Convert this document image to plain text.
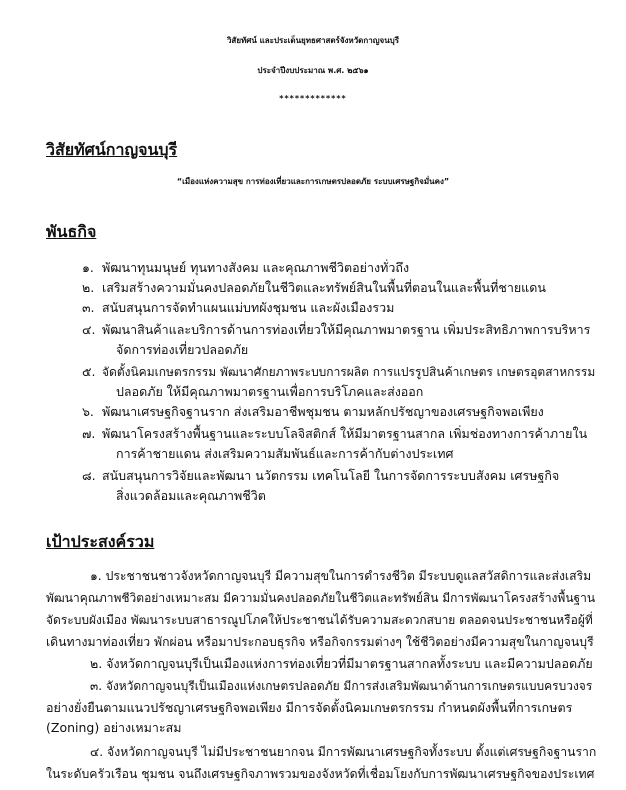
วิสัยทัศน์ และประเด็นยุทธศาสตร์จังหวัดกาญจนบุรี
ประจำปีงบประมาณ พ.ศ. ๒๕๖๑
*************
วิสัยทัศน์กาญจนบุรี
“เมืองแห่งความสุข การท่องเที่ยวและการเกษตรปลอดภัย ระบบเศรษฐกิจมั่นคง”
พันธกิจ
๑. พัฒนาทุนมนุษย์ ทุนทางสังคม และคุณภาพชีวิตอย่างทั่วถึง
๒. เสริมสร้างความมั่นคงปลอดภัยในชีวิตและทรัพย์สินในพื้นที่ตอนในและพื้นที่ชายแดน
๓. สนับสนุนการจัดทำแผนแม่บทผังชุมชน และผังเมืองรวม
๔. พัฒนาสินค้าและบริการด้านการท่องเที่ยวให้มีคุณภาพมาตรฐาน เพิ่มประสิทธิภาพการบริหาร
จัดการท่องเที่ยวปลอดภัย
๕. จัดตั้งนิคมเกษตรกรรม พัฒนาศักยภาพระบบการผลิต การแปรรูปสินค้าเกษตร เกษตรอุตสาหกรรม
ปลอดภัย ให้มีคุณภาพมาตรฐานเพื่อการบริโภคและส่งออก
๖. พัฒนาเศรษฐกิจฐานราก ส่งเสริมอาชีพชุมชน ตามหลักปรัชญาของเศรษฐกิจพอเพียง
๗. พัฒนาโครงสร้างพื้นฐานและระบบโลจิสติกส์ ให้มีมาตรฐานสากล เพิ่มช่องทางการค้าภายใน
การค้าชายแดน ส่งเสริมความสัมพันธ์และการค้ากับต่างประเทศ
๘. สนับสนุนการวิจัยและพัฒนา นวัตกรรม เทคโนโลยี ในการจัดการระบบสังคม เศรษฐกิจ
สิ่งแวดล้อมและคุณภาพชีวิต
เป้าประสงค์รวม
๑. ประชาชนชาวจังหวัดกาญจนบุรี มีความสุขในการดำรงชีวิต มีระบบดูแลสวัสดิการและส่งเสริม
พัฒนาคุณภาพชีวิตอย่างเหมาะสม มีความมั่นคงปลอดภัยในชีวิตและทรัพย์สิน มีการพัฒนาโครงสร้างพื้นฐาน
จัดระบบผังเมือง พัฒนาระบบสาธารณูปโภคให้ประชาชนได้รับความสะดวกสบาย ตลอดจนประชาชนหรือผู้ที่
เดินทางมาท่องเที่ยว พักผ่อน หรือมาประกอบธุรกิจ หรือกิจกรรมต่างๆ ใช้ชีวิตอย่างมีความสุขในกาญจนบุรี
๒. จังหวัดกาญจนบุรีเป็นเมืองแห่งการท่องเที่ยวที่มีมาตรฐานสากลทั้งระบบ และมีความปลอดภัย
๓. จังหวัดกาญจนบุรีเป็นเมืองแห่งเกษตรปลอดภัย มีการส่งเสริมพัฒนาด้านการเกษตรแบบครบวงจร
อย่างยั่งยืนตามแนวปรัชญาเศรษฐกิจพอเพียง มีการจัดตั้งนิคมเกษตรกรรม กำหนดผังพื้นที่การเกษตร
(Zoning) อย่างเหมาะสม
๔. จังหวัดกาญจนบุรี ไม่มีประชาชนยากจน มีการพัฒนาเศรษฐกิจทั้งระบบ ตั้งแต่เศรษฐกิจฐานราก
ในระดับครัวเรือน ชุมชน จนถึงเศรษฐกิจภาพรวมของจังหวัดที่เชื่อมโยงกับการพัฒนาเศรษฐกิจของประเทศ
